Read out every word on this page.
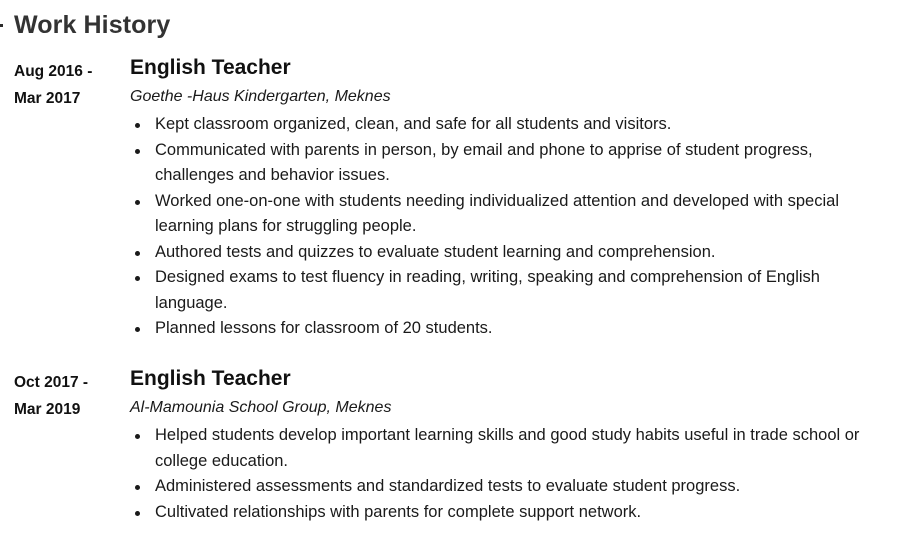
Work History
Aug 2016 -
Mar 2017
English Teacher
Goethe -Haus Kindergarten, Meknes
Kept classroom organized, clean, and safe for all students and visitors.
Communicated with parents in person, by email and phone to apprise of student progress, challenges and behavior issues.
Worked one-on-one with students needing individualized attention and developed with special learning plans for struggling people.
Authored tests and quizzes to evaluate student learning and comprehension.
Designed exams to test fluency in reading, writing, speaking and comprehension of English language.
Planned lessons for classroom of 20 students.
Oct 2017 -
Mar 2019
English Teacher
Al-Mamounia School Group, Meknes
Helped students develop important learning skills and good study habits useful in trade school or college education.
Administered assessments and standardized tests to evaluate student progress.
Cultivated relationships with parents for complete support network.
